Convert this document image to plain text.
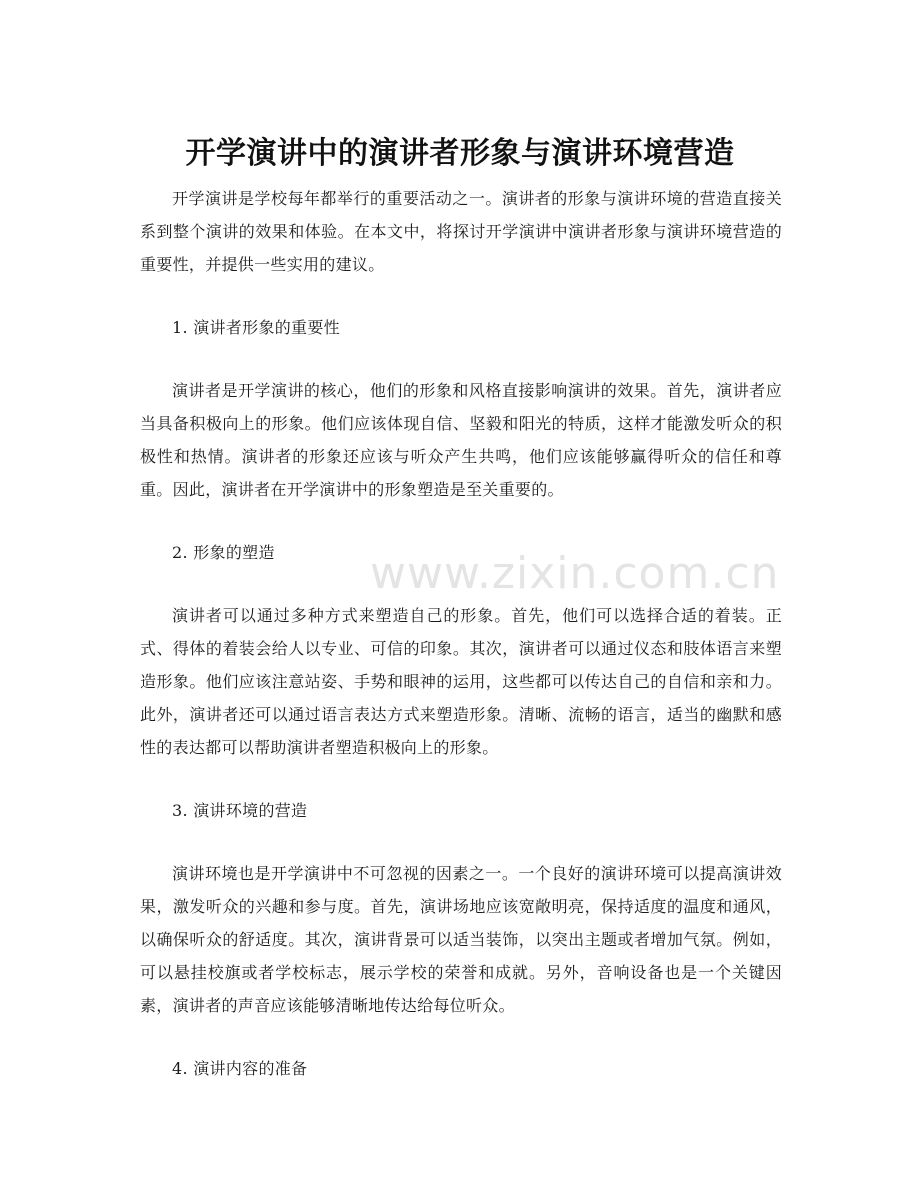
www.zixin.com.cn
开学演讲中的演讲者形象与演讲环境营造

开学演讲是学校每年都举行的重要活动之一。演讲者的形象与演讲环境的营造直接关系到整个演讲的效果和体验。在本文中，将探讨开学演讲中演讲者形象与演讲环境营造的重要性，并提供一些实用的建议。

1. 演讲者形象的重要性

演讲者是开学演讲的核心，他们的形象和风格直接影响演讲的效果。首先，演讲者应当具备积极向上的形象。他们应该体现自信、坚毅和阳光的特质，这样才能激发听众的积极性和热情。演讲者的形象还应该与听众产生共鸣，他们应该能够赢得听众的信任和尊重。因此，演讲者在开学演讲中的形象塑造是至关重要的。

2. 形象的塑造

演讲者可以通过多种方式来塑造自己的形象。首先，他们可以选择合适的着装。正式、得体的着装会给人以专业、可信的印象。其次，演讲者可以通过仪态和肢体语言来塑造形象。他们应该注意站姿、手势和眼神的运用，这些都可以传达自己的自信和亲和力。此外，演讲者还可以通过语言表达方式来塑造形象。清晰、流畅的语言，适当的幽默和感性的表达都可以帮助演讲者塑造积极向上的形象。

3. 演讲环境的营造

演讲环境也是开学演讲中不可忽视的因素之一。一个良好的演讲环境可以提高演讲效果，激发听众的兴趣和参与度。首先，演讲场地应该宽敞明亮，保持适度的温度和通风，以确保听众的舒适度。其次，演讲背景可以适当装饰，以突出主题或者增加气氛。例如，可以悬挂校旗或者学校标志，展示学校的荣誉和成就。另外，音响设备也是一个关键因素，演讲者的声音应该能够清晰地传达给每位听众。

4. 演讲内容的准备
